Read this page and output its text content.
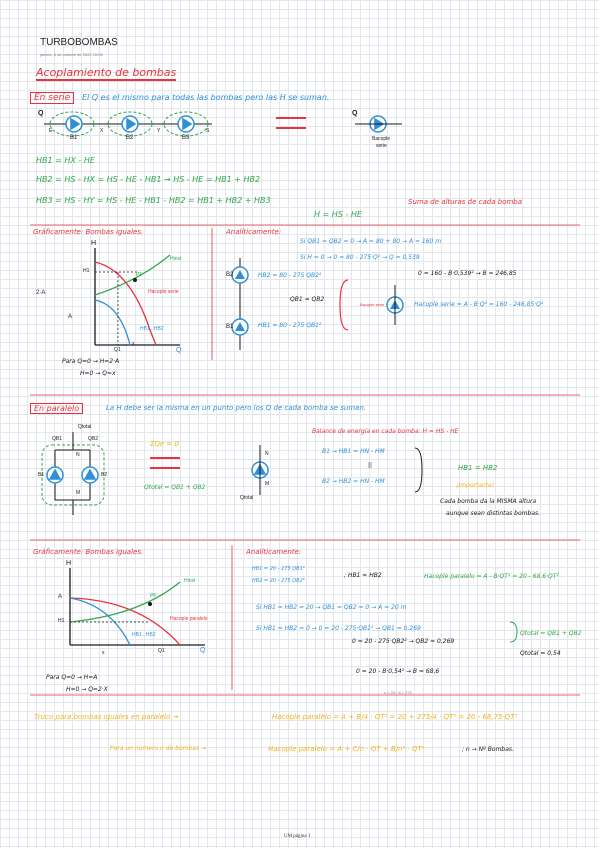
TURBOBOMBAS
jueves, 6 de octubre de 2022 10:05
Acoplamiento de bombas
En serie	El Q es el mismo para todas las bombas pero las H se suman.
Q
B1	B2	B3
E	X	Y	S
Q
Bacople
serie
HB1 = HX - HE
HB2 = HS - HX = HS - HE - HB1 → HS - HE = HB1 + HB2
HB3 = HS - HY = HS - HE - HB1 - HB2 = HB1 + HB2 + HB3	Suma de alturas de cada bomba
H = HS - HE
Gráficamente: Bombas iguales.
H
Q
Hinst
Hacople serie
PF
HB1 , HB2
2·A
A
H1
Q1
x
Para Q=0 → H=2·A
H=0 → Q=x
Analíticamente:
Si QB1 = QB2 = 0 → A = 80 + 80 → A = 160 m
Si H = 0 → 0 = 80 - 275·Q² → Q = 0,539
0 = 160 - B·0,539² → B = 246,85
HB2 = 80 - 275 QB2²
QB1 = QB2
HB1 = 80 - 275 QB1²
B2
B1
Bacople serie	Hacople serie = A - B·Q² = 160 - 246,85·Q²
En paralelo	La H debe ser la misma en un punto pero los Q de cada bomba se suman.
QB1
Qtotal
QB2
B1	B2
N
M
ΣQe = 0
Qtotal = QB1 + QB2
N
M
Qtotal
Balance de energía en cada bomba: H = HS - HE
B1 → HB1 = HN - HM
||
B2 → HB2 = HN - HM
HB1 = HB2
¡Importante!
Cada bomba da la MISMA altura
aunque sean distintas bombas.
Gráficamente: Bombas iguales.
H
Q
Hinst
PF
Hacople paralelo
HB1 , HB2
A
H1
Q1
x
Para Q=0 → H=A
H=0 → Q=2·X
Analíticamente:
HB1 = 20 - 275 QB1²
HB2 = 20 - 275 QB2²
; HB1 = HB2	Hacople paralelo = A - B·QT² = 20 - 68,6·QT²
Si HB1 = HB2 = 20 → QB1 = QB2 = 0 → A = 20 m
Si HB1 = HB2 = 0 → 0 = 20 - 275·QB1² → QB1 = 0,269
0 = 20 - 275·QB2² → QB2 = 0,269
Qtotal = QB1 + QB2
Qtotal = 0,54
0 = 20 - B·0,54² → B = 68,6
c = 20 / a = 275
Truco para bombas iguales en paralelo →	Hacople paralelo = A + B/4 · QT² = 20 + 275/4 · QT² = 20 - 68,75·QT²
Para un número n de bombas →	Hacople paralelo = A + C/n · QT + B/n² · QT²	; n → Nº Bombas.
UM página 1
